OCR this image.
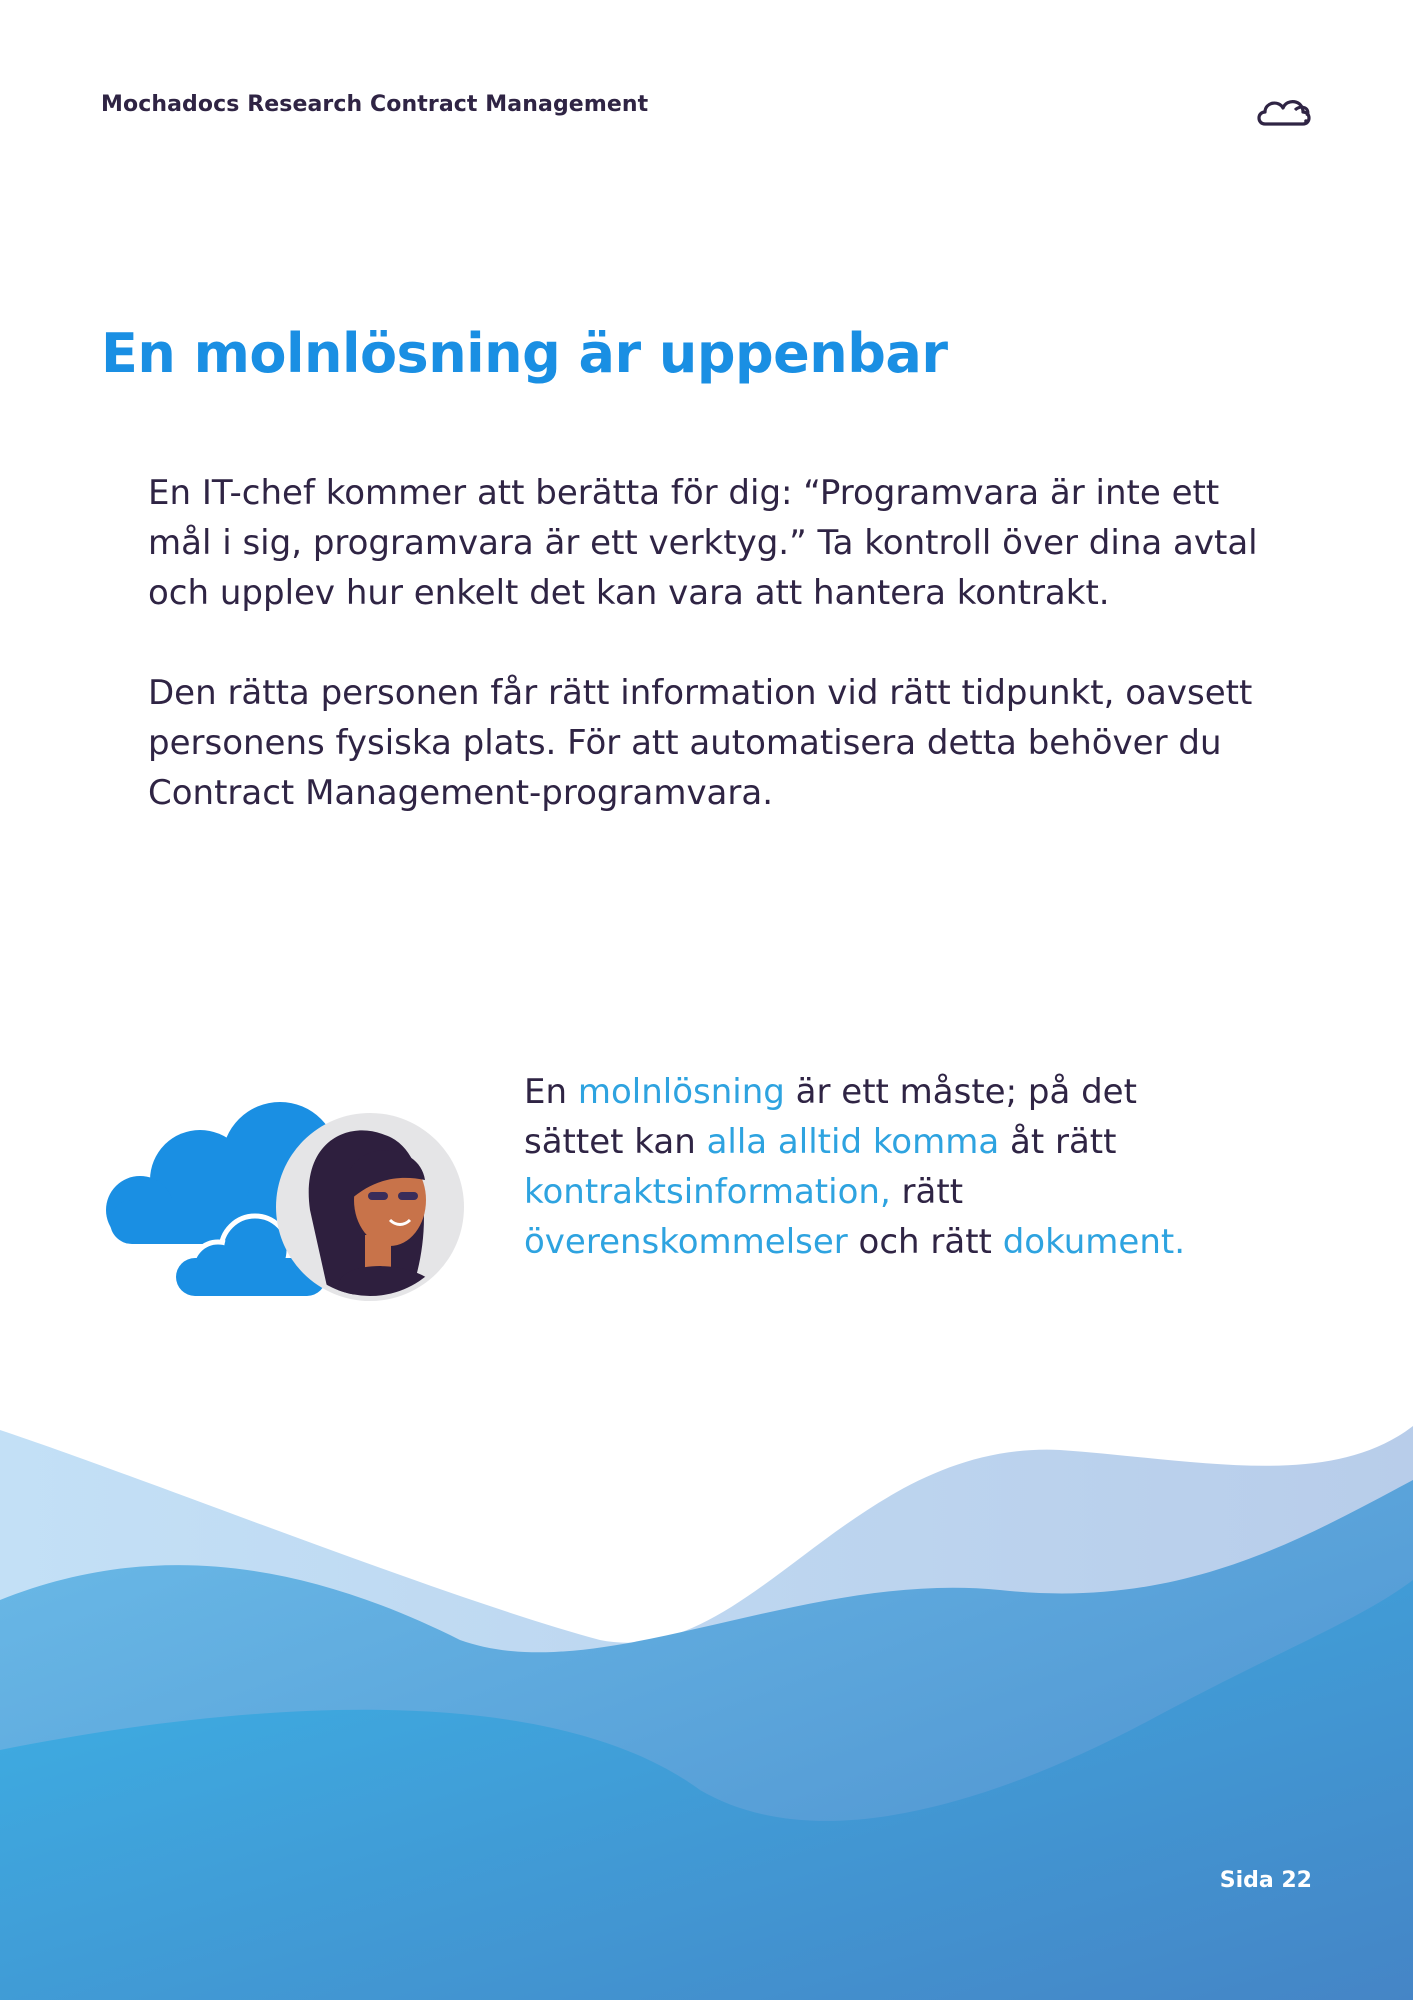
Mochadocs Research Contract Management
En molnlösning är uppenbar

En IT-chef kommer att berätta för dig: “Programvara är inte ett mål i sig, programvara är ett verktyg.” Ta kontroll över dina avtal och upplev hur enkelt det kan vara att hantera kontrakt.

Den rätta personen får rätt information vid rätt tidpunkt, oavsett personens fysiska plats. För att automatisera detta behöver du Contract Management-programvara.

En molnlösning är ett måste; på det sättet kan alla alltid komma åt rätt kontraktsinformation, rätt överenskommelser och rätt dokument.

Sida 22
